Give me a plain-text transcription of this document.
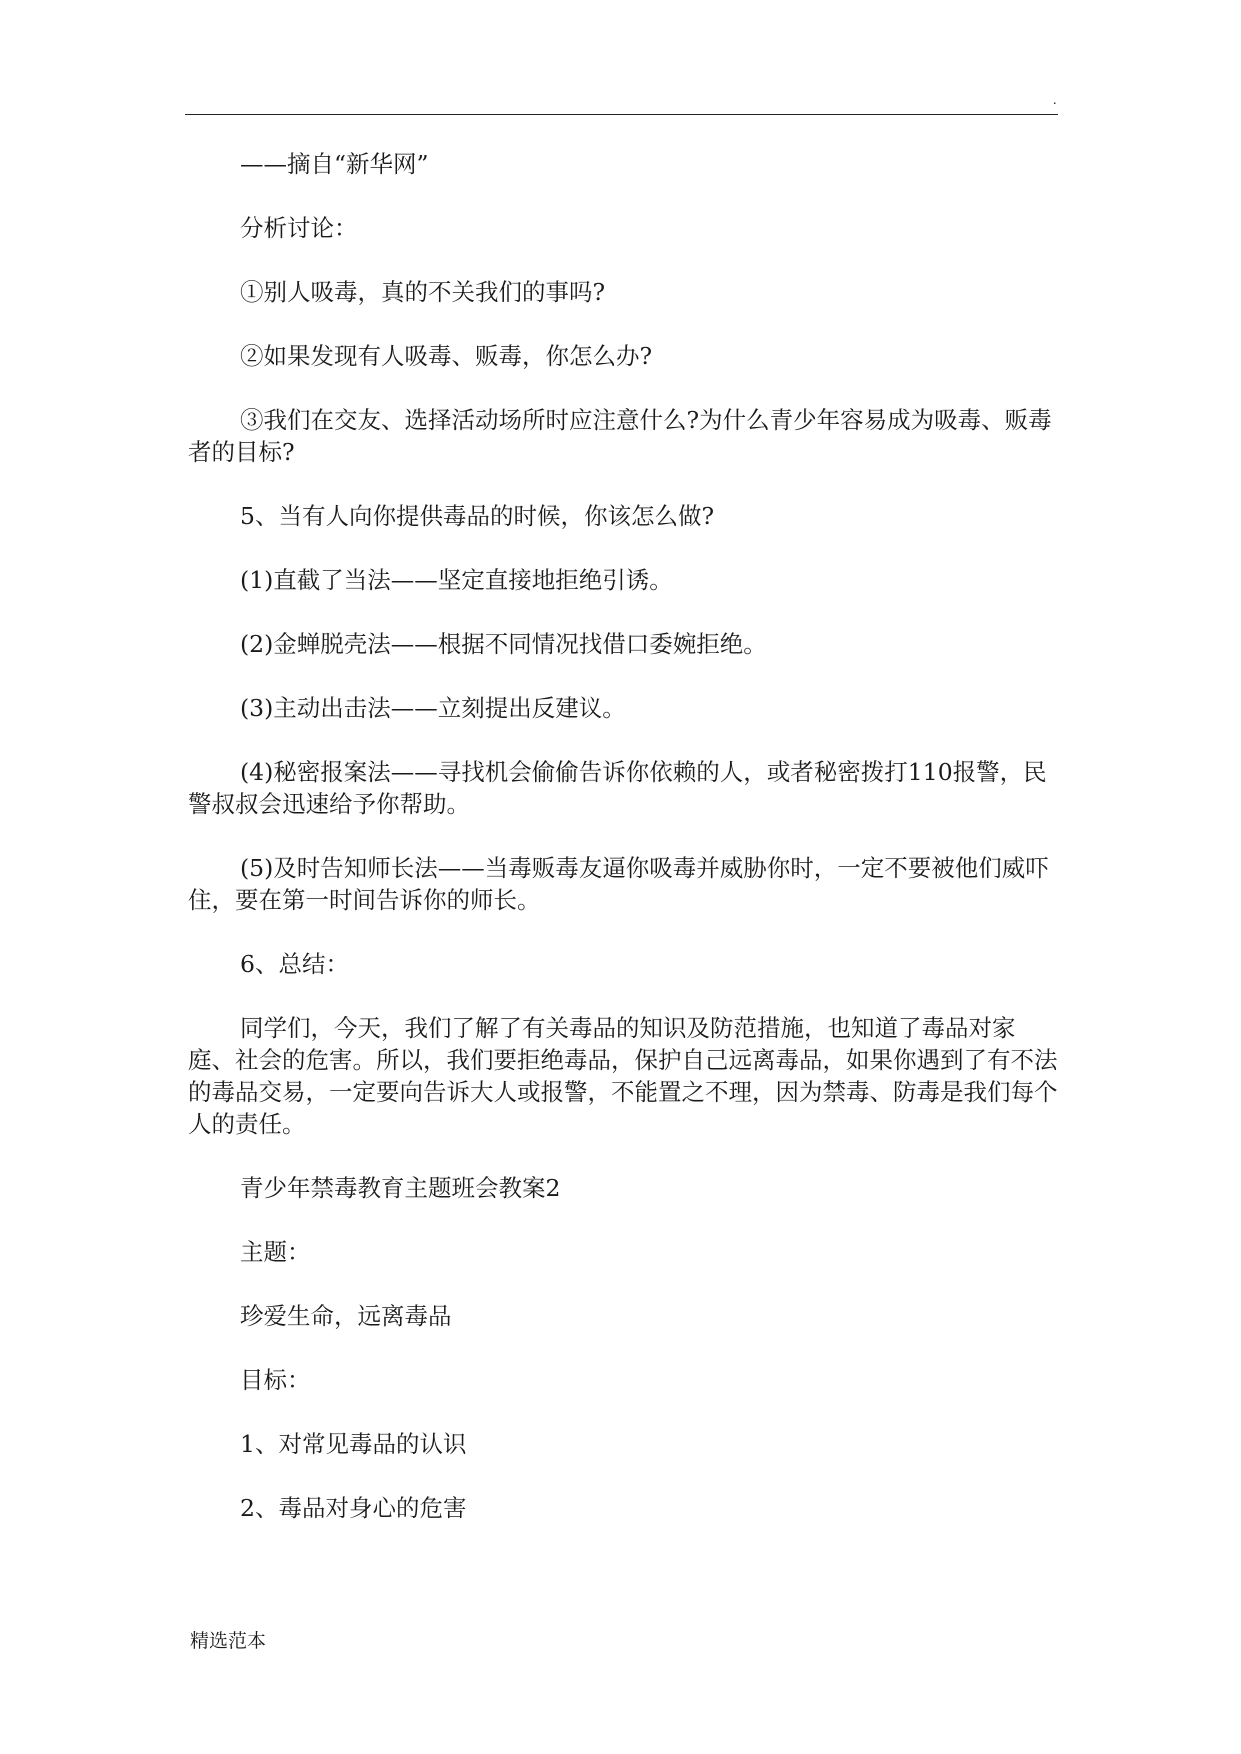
.

——摘自“新华网”

分析讨论：

①别人吸毒，真的不关我们的事吗?

②如果发现有人吸毒、贩毒，你怎么办?

③我们在交友、选择活动场所时应注意什么?为什么青少年容易成为吸毒、贩毒者的目标?

5、当有人向你提供毒品的时候，你该怎么做?

(1)直截了当法——坚定直接地拒绝引诱。

(2)金蝉脱壳法——根据不同情况找借口委婉拒绝。

(3)主动出击法——立刻提出反建议。

(4)秘密报案法——寻找机会偷偷告诉你依赖的人，或者秘密拨打110报警，民警叔叔会迅速给予你帮助。

(5)及时告知师长法——当毒贩毒友逼你吸毒并威胁你时，一定不要被他们威吓住，要在第一时间告诉你的师长。

6、总结：

同学们，今天，我们了解了有关毒品的知识及防范措施，也知道了毒品对家庭、社会的危害。所以，我们要拒绝毒品，保护自己远离毒品，如果你遇到了有不法的毒品交易，一定要向告诉大人或报警，不能置之不理，因为禁毒、防毒是我们每个人的责任。

青少年禁毒教育主题班会教案2

主题：

珍爱生命，远离毒品

目标：

1、对常见毒品的认识

2、毒品对身心的危害

精选范本
